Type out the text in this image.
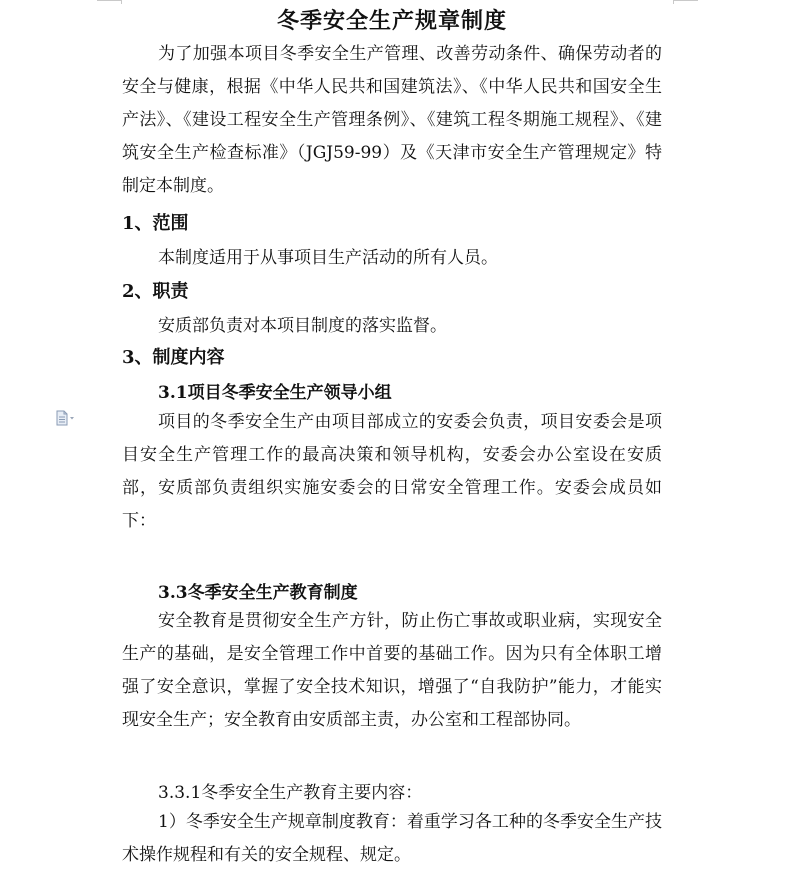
冬季安全生产规章制度
为了加强本项目冬季安全生产管理、改善劳动条件、确保劳动者的安全与健康，根据《中华人民共和国建筑法》、《中华人民共和国安全生产法》、《建设工程安全生产管理条例》、《建筑工程冬期施工规程》、《建筑安全生产检查标准》（JGJ59-99）及《天津市安全生产管理规定》特制定本制度。
1、范围
本制度适用于从事项目生产活动的所有人员。
2、职责
安质部负责对本项目制度的落实监督。
3、制度内容
3.1项目冬季安全生产领导小组
项目的冬季安全生产由项目部成立的安委会负责，项目安委会是项目安全生产管理工作的最高决策和领导机构，安委会办公室设在安质部，安质部负责组织实施安委会的日常安全管理工作。安委会成员如下：
3.3冬季安全生产教育制度
安全教育是贯彻安全生产方针，防止伤亡事故或职业病，实现安全生产的基础，是安全管理工作中首要的基础工作。因为只有全体职工增强了安全意识，掌握了安全技术知识，增强了“自我防护”能力，才能实现安全生产；安全教育由安质部主责，办公室和工程部协同。
3.3.1冬季安全生产教育主要内容：
1）冬季安全生产规章制度教育：着重学习各工种的冬季安全生产技术操作规程和有关的安全规程、规定。
